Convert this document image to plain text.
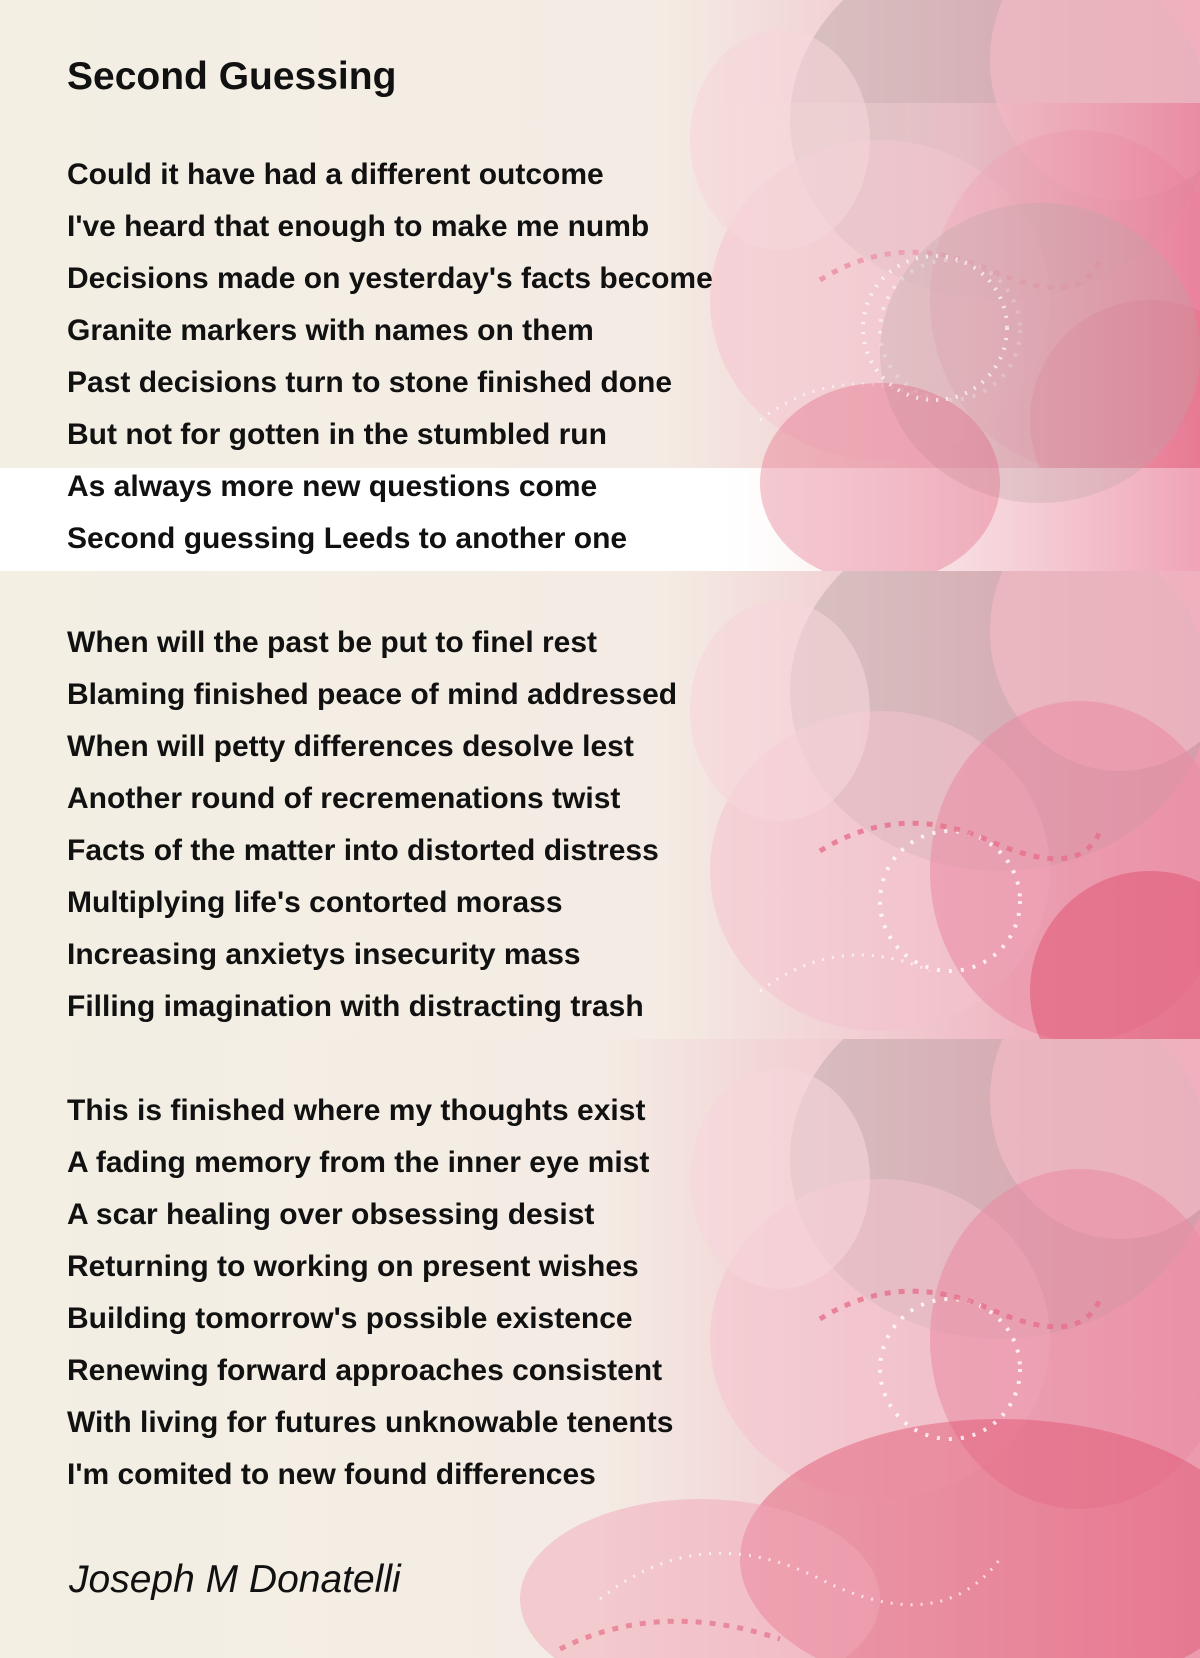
Second Guessing
Could it have had a different outcome
I've heard that enough to make me numb
Decisions made on yesterday's facts become
Granite markers with names on them
Past decisions turn to stone finished done
But not for gotten in the stumbled run
As always more new questions come
Second guessing Leeds to another one
When will the past be put to finel rest
Blaming finished peace of mind addressed
When will petty differences desolve lest
Another round of recremenations twist
Facts of the matter into distorted distress
Multiplying life's contorted morass
Increasing anxietys insecurity mass
Filling imagination with distracting trash
This is finished where my thoughts exist
A fading memory from the inner eye mist
A scar healing over obsessing desist
Returning to working on present wishes
Building tomorrow's possible existence
Renewing forward approaches consistent
With living for futures unknowable tenents
I'm comited to new found differences

Joseph M Donatelli
